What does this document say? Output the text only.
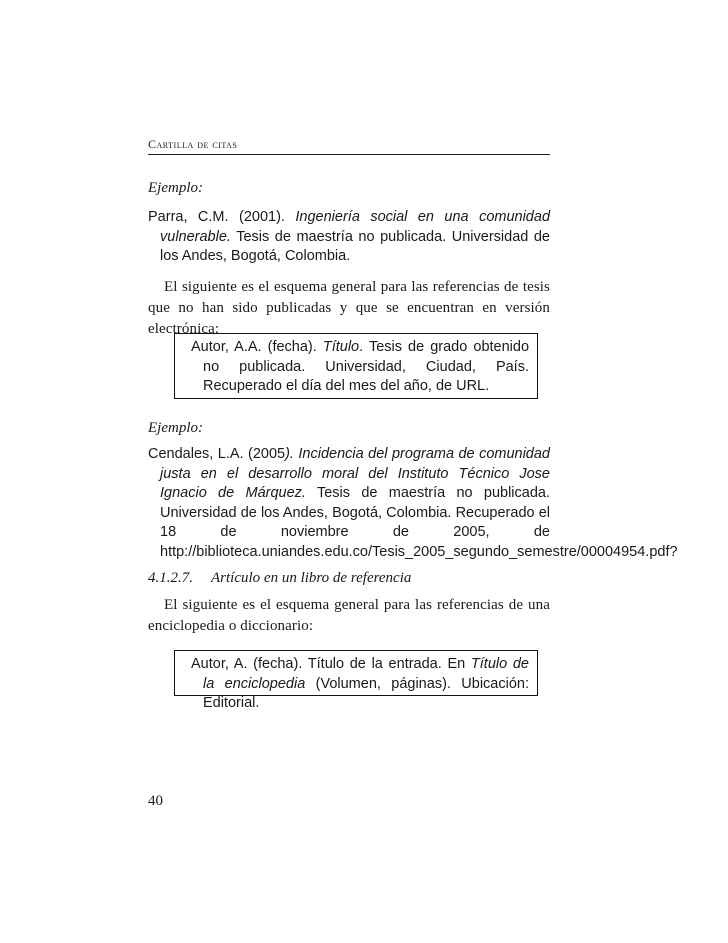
Cartilla de citas
Ejemplo:
Parra, C.M. (2001). Ingeniería social en una comunidad vulnerable. Tesis de maestría no publicada. Universidad de los Andes, Bogotá, Colombia.
El siguiente es el esquema general para las referencias de tesis que no han sido publicadas y que se encuentran en versión electrónica:
Autor, A.A. (fecha). Título. Tesis de grado obtenido no publicada. Universidad, Ciudad, País. Recuperado el día del mes del año, de URL.
Ejemplo:
Cendales, L.A. (2005). Incidencia del programa de comunidad justa en el desarrollo moral del Instituto Técnico Jose Ignacio de Márquez. Tesis de maestría no publicada. Universidad de los Andes, Bogotá, Colombia. Recuperado el 18 de noviembre de 2005, de http://biblioteca.uniandes.edu.co/Tesis_2005_segundo_semestre/00004954.pdf?
4.1.2.7. Artículo en un libro de referencia
El siguiente es el esquema general para las referencias de una enciclopedia o diccionario:
Autor, A. (fecha). Título de la entrada. En Título de la enciclopedia (Volumen, páginas). Ubicación: Editorial.
40
